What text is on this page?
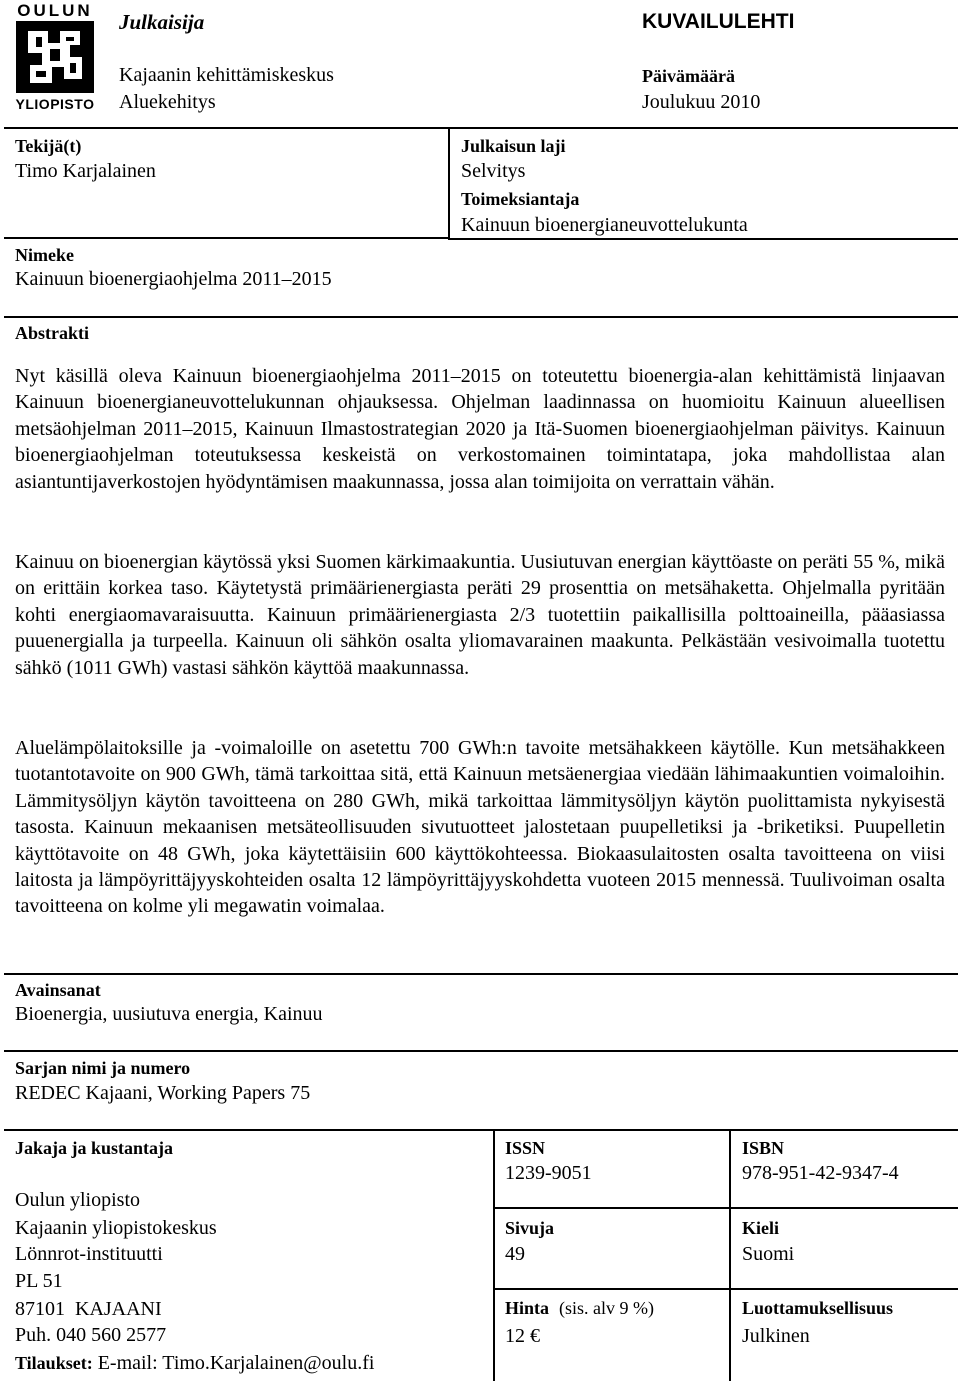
OULUN
YLIOPISTO
Julkaisija
Kajaanin kehittämiskeskus
Aluekehitys
KUVAILULEHTI
Päivämäärä
Joulukuu 2010
Tekijä(t)
Timo Karjalainen
Nimeke
Kainuun bioenergiaohjelma 2011–2015
Julkaisun laji
Selvitys
Toimeksiantaja
Kainuun bioenergianeuvottelukunta
Abstrakti

Nyt käsillä oleva Kainuun bioenergiaohjelma 2011–2015 on toteutettu bioenergia-alan kehittämistä linjaavan Kainuun bioenergianeuvottelukunnan ohjauksessa. Ohjelman laadinnassa on huomioitu Kainuun alueellisen metsäohjelman 2011–2015, Kainuun Ilmastostrategian 2020 ja Itä-Suomen bioenergiaohjelman päivitys. Kainuun bioenergiaohjelman toteutuksessa keskeistä on verkostomainen toimintatapa, joka mahdollistaa alan asiantuntijaverkostojen hyödyntämisen maakunnassa, jossa alan toimijoita on verrattain vähän.

Kainuu on bioenergian käytössä yksi Suomen kärkimaakuntia. Uusiutuvan energian käyttöaste on peräti 55 %, mikä on erittäin korkea taso. Käytetystä primäärienergiasta peräti 29 prosenttia on metsähaketta. Ohjelmalla pyritään kohti energiaomavaraisuutta. Kainuun primäärienergiasta 2/3 tuotettiin paikallisilla polttoaineilla, pääasiassa puuenergialla ja turpeella. Kainuun oli sähkön osalta yliomavarainen maakunta. Pelkästään vesivoimalla tuotettu sähkö (1011 GWh) vastasi sähkön käyttöä maakunnassa.

Aluelämpölaitoksille ja -voimaloille on asetettu 700 GWh:n tavoite metsähakkeen käytölle. Kun metsähakkeen tuotantotavoite on 900 GWh, tämä tarkoittaa sitä, että Kainuun metsäenergiaa viedään lähimaakuntien voimaloihin. Lämmitysöljyn käytön tavoitteena on 280 GWh, mikä tarkoittaa lämmitysöljyn käytön puolittamista nykyisestä tasosta. Kainuun mekaanisen metsäteollisuuden sivutuotteet jalostetaan puupelletiksi ja -briketiksi. Puupelletin käyttötavoite on 48 GWh, joka käytettäisiin 600 käyttökohteessa. Biokaasulaitosten osalta tavoitteena on viisi laitosta ja lämpöyrittäjyyskohteiden osalta 12 lämpöyrittäjyyskohdetta vuoteen 2015 mennessä. Tuulivoiman osalta tavoitteena on kolme yli megawatin voimalaa.

Avainsanat
Bioenergia, uusiutuva energia, Kainuu
Sarjan nimi ja numero
REDEC Kajaani, Working Papers 75
Jakaja ja kustantaja
Oulun yliopisto
Kajaanin yliopistokeskus
Lönnrot-instituutti
PL 51
87101  KAJAANI
Puh. 040 560 2577
Tilaukset: E-mail: Timo.Karjalainen@oulu.fi
ISSN
1239-9051
Sivuja
49
Hinta (sis. alv 9 %)
12 €
ISBN
978-951-42-9347-4
Kieli
Suomi
Luottamuksellisuus
Julkinen
